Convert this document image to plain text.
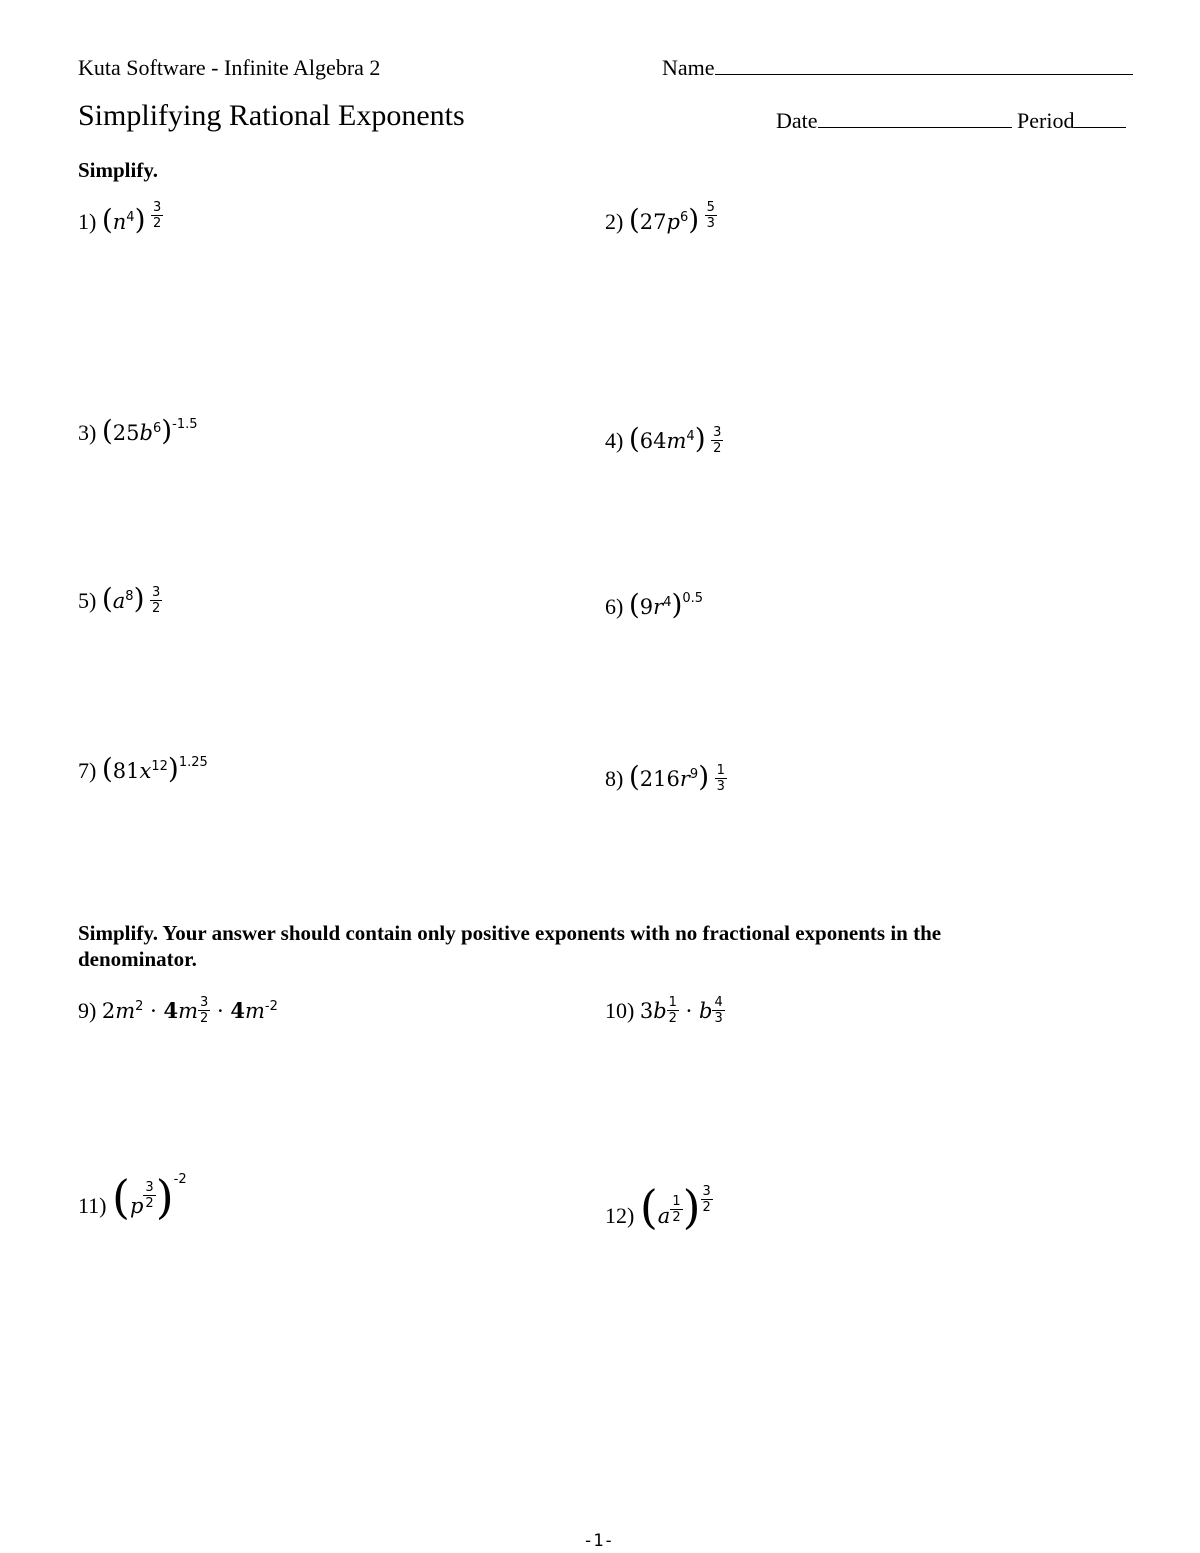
Kuta Software - Infinite Algebra 2	Name
Simplifying Rational Exponents	Date	Period
Simplify.
1) $(n^4) \frac{3}{2}$	2) $(27p^6) \frac{5}{3}$
3) $(25b^6)^{-1.5}$
4) $(64m^4) \frac{3}{2}$
5) $(a^8) \frac{3}{2}$	6) $(9r^4)^{0.5}$
7) $(81x^{12})^{1.25}$
8) $(216r^9) \frac{1}{3}$
Simplify. Your answer should contain only positive exponents with no fractional exponents in the
denominator.
9) $2m^2 \cdot 4m \frac{3}{2} \cdot 4m^{-2}$	10) $3b \frac{1}{2} \cdot b \frac{4}{3}$
11) $(p \frac{3}{2} )^{-2}$
12) ($a \frac{1}{2}$ ) $\frac{3}{2}$
-1-
